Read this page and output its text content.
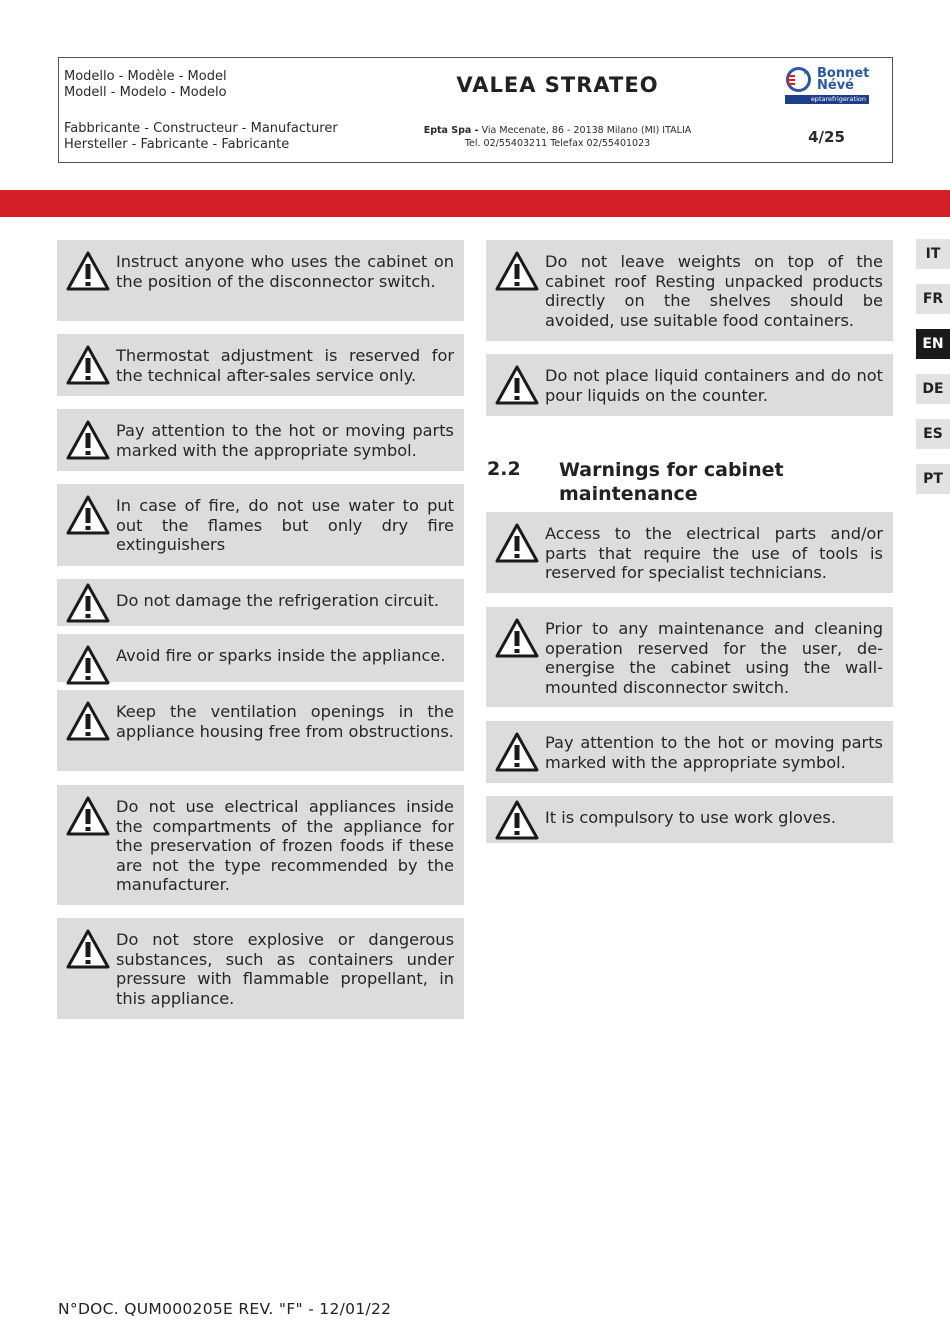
Modello - Modèle - Model
Modell - Modelo - Modelo	VALEA STRATEO	Bonnet
Névé
eptarefrigeration
Fabbricante - Constructeur - Manufacturer
Hersteller - Fabricante - Fabricante
Epta Spa - Via Mecenate, 86 - 20138 Milano (MI) ITALIA
Tel. 02/55403211 Telefax 02/55401023	4/25
IT
FR
EN
DE
ES
PT
Instruct anyone who uses the cabinet on the position of the disconnector switch.
Thermostat adjustment is reserved for the technical after-sales service only.
Pay attention to the hot or moving parts marked with the appropriate symbol.
In case of fire, do not use water to put out the flames but only dry fire extinguishers
Do not damage the refrigeration circuit.
Avoid fire or sparks inside the appliance.
Keep the ventilation openings in the appliance housing free from obstructions.
Do not use electrical appliances inside the compartments of the appliance for the preservation of frozen foods if these are not the type recommended by the manufacturer.
Do not store explosive or dangerous substances, such as containers under pressure with flammable propellant, in this appliance.
Do not leave weights on top of the cabinet roof Resting unpacked products directly on the shelves should be avoided, use suitable food containers.
Do not place liquid containers and do not pour liquids on the counter.
2.2 Warnings for cabinet maintenance
Access to the electrical parts and/or parts that require the use of tools is reserved for specialist technicians.
Prior to any maintenance and cleaning operation reserved for the user, de-energise the cabinet using the wall-mounted disconnector switch.
Pay attention to the hot or moving parts marked with the appropriate symbol.
It is compulsory to use work gloves.
N°DOC. QUM000205E REV. "F" - 12/01/22
